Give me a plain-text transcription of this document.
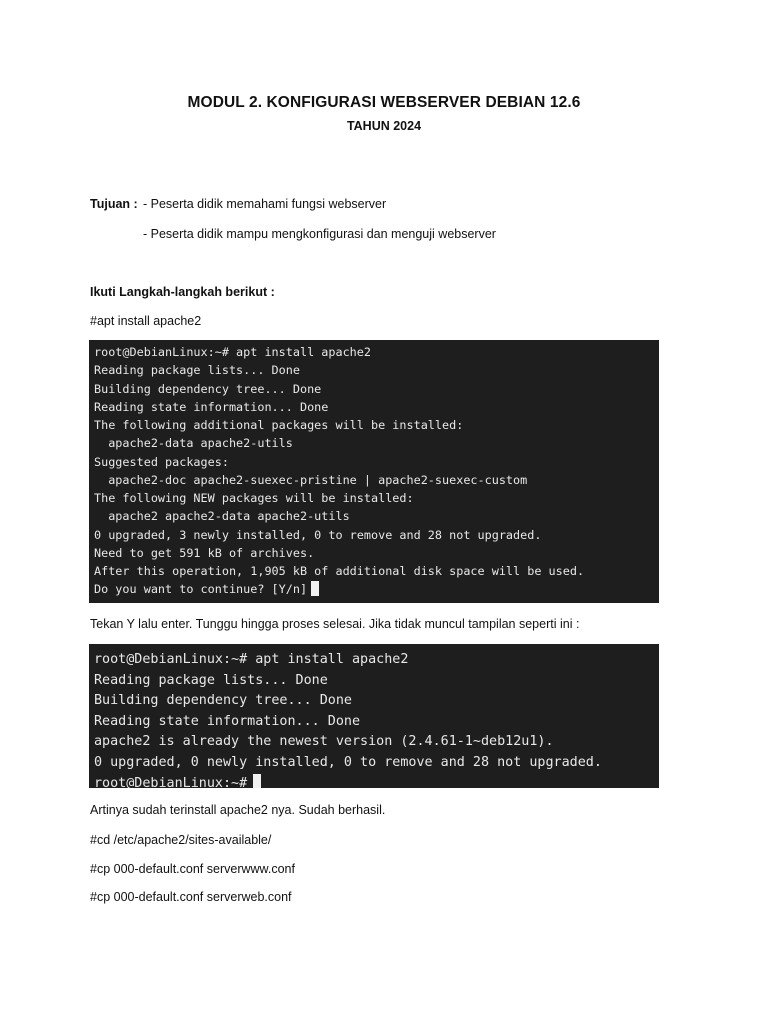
MODUL 2. KONFIGURASI WEBSERVER DEBIAN 12.6
TAHUN 2024
Tujuan : - Peserta didik memahami fungsi webserver
- Peserta didik mampu mengkonfigurasi dan menguji webserver
Ikuti Langkah-langkah berikut :
#apt install apache2
root@DebianLinux:~# apt install apache2
Reading package lists... Done
Building dependency tree... Done
Reading state information... Done
The following additional packages will be installed:
apache2-data apache2-utils
Suggested packages:
apache2-doc apache2-suexec-pristine | apache2-suexec-custom
The following NEW packages will be installed:
apache2 apache2-data apache2-utils
0 upgraded, 3 newly installed, 0 to remove and 28 not upgraded.
Need to get 591 kB of archives.
After this operation, 1,905 kB of additional disk space will be used.
Do you want to continue? [Y/n]
Tekan Y lalu enter. Tunggu hingga proses selesai. Jika tidak muncul tampilan seperti ini :
root@DebianLinux:~# apt install apache2
Reading package lists... Done
Building dependency tree... Done
Reading state information... Done
apache2 is already the newest version (2.4.61-1~deb12u1).
0 upgraded, 0 newly installed, 0 to remove and 28 not upgraded.
root@DebianLinux:~#
Artinya sudah terinstall apache2 nya. Sudah berhasil.
#cd /etc/apache2/sites-available/
#cp 000-default.conf serverwww.conf
#cp 000-default.conf serverweb.conf
